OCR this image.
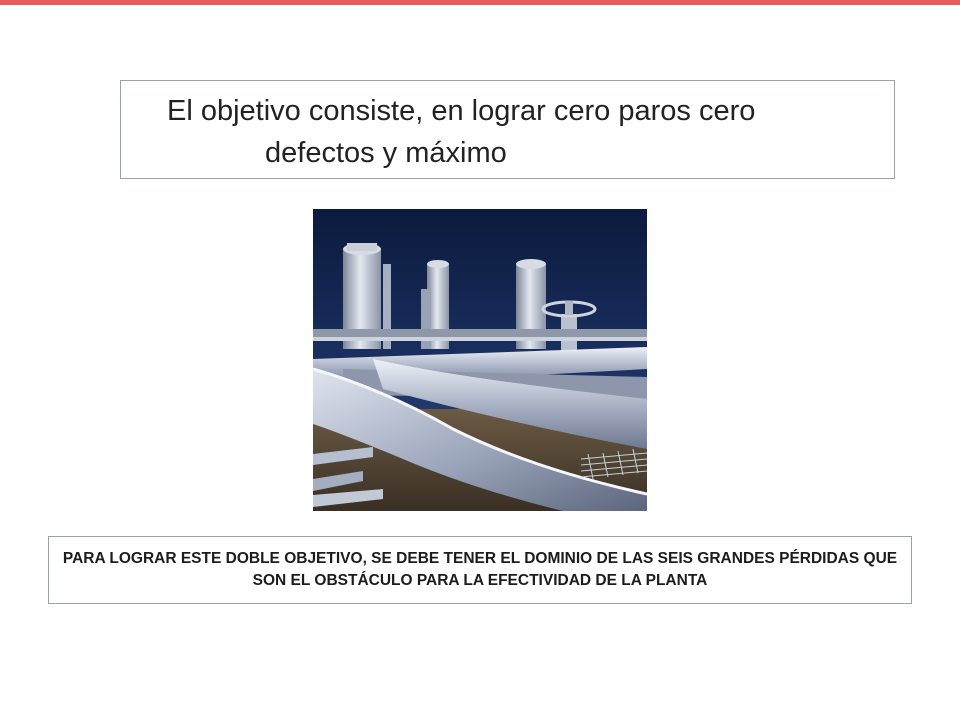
El objetivo consiste, en lograr cero paros cero
defectos y máximo
PARA LOGRAR ESTE DOBLE OBJETIVO, SE DEBE TENER EL DOMINIO DE LAS SEIS GRANDES PÉRDIDAS QUE SON EL OBSTÁCULO PARA LA EFECTIVIDAD DE LA PLANTA
